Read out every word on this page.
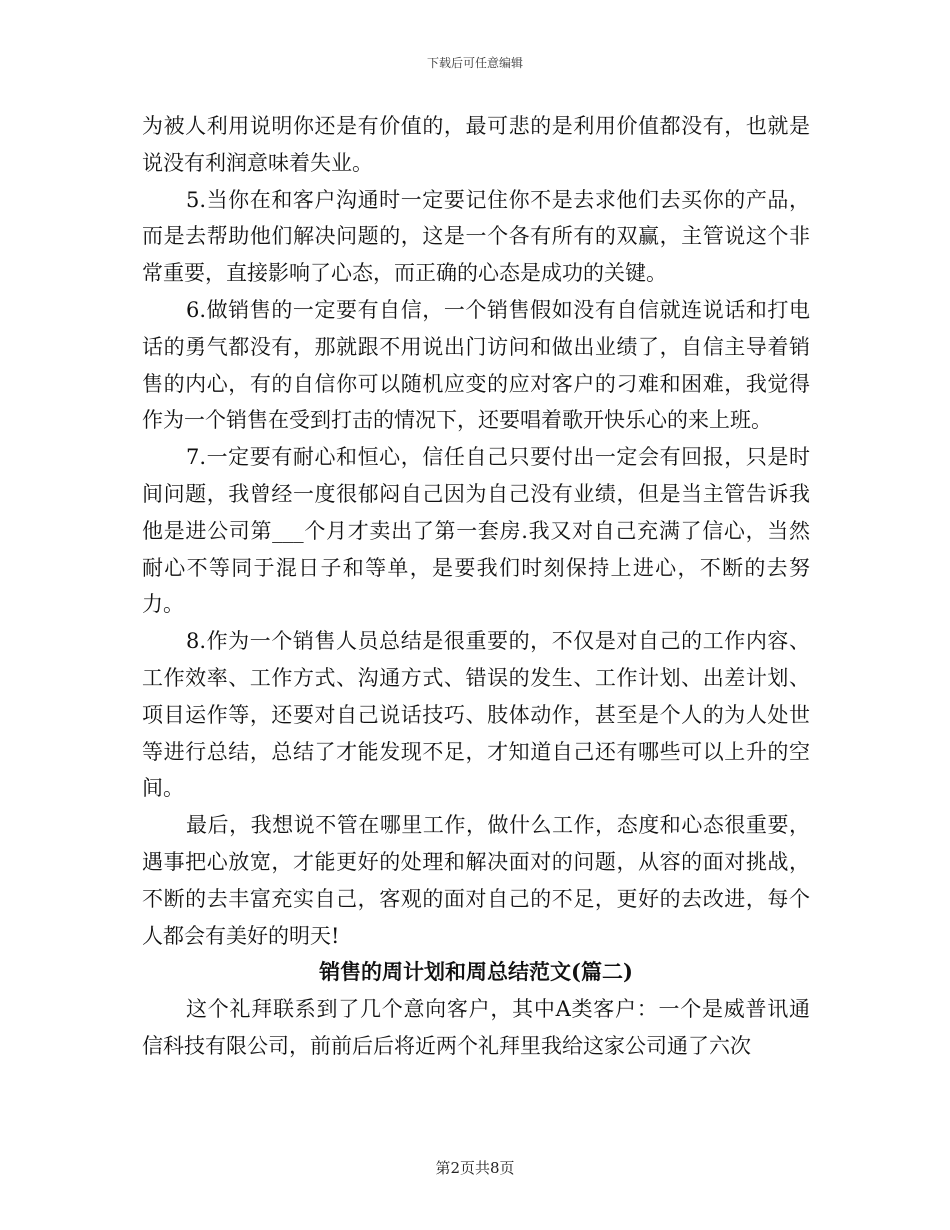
下载后可任意编辑

为被人利用说明你还是有价值的，最可悲的是利用价值都没有，也就是说没有利润意味着失业。

5.当你在和客户沟通时一定要记住你不是去求他们去买你的产品，而是去帮助他们解决问题的，这是一个各有所有的双赢，主管说这个非常重要，直接影响了心态，而正确的心态是成功的关键。

6.做销售的一定要有自信，一个销售假如没有自信就连说话和打电话的勇气都没有，那就跟不用说出门访问和做出业绩了，自信主导着销售的内心，有的自信你可以随机应变的应对客户的刁难和困难，我觉得作为一个销售在受到打击的情况下，还要唱着歌开快乐心的来上班。

7.一定要有耐心和恒心，信任自己只要付出一定会有回报，只是时间问题，我曾经一度很郁闷自己因为自己没有业绩，但是当主管告诉我他是进公司第___个月才卖出了第一套房.我又对自己充满了信心，当然耐心不等同于混日子和等单，是要我们时刻保持上进心，不断的去努力。

8.作为一个销售人员总结是很重要的，不仅是对自己的工作内容、工作效率、工作方式、沟通方式、错误的发生、工作计划、出差计划、项目运作等，还要对自己说话技巧、肢体动作，甚至是个人的为人处世等进行总结，总结了才能发现不足，才知道自己还有哪些可以上升的空间。

最后，我想说不管在哪里工作，做什么工作，态度和心态很重要，遇事把心放宽，才能更好的处理和解决面对的问题，从容的面对挑战，不断的去丰富充实自己，客观的面对自己的不足，更好的去改进，每个人都会有美好的明天!

销售的周计划和周总结范文(篇二)

这个礼拜联系到了几个意向客户，其中A类客户：一个是威普讯通信科技有限公司，前前后后将近两个礼拜里我给这家公司通了六次

第2页共8页
